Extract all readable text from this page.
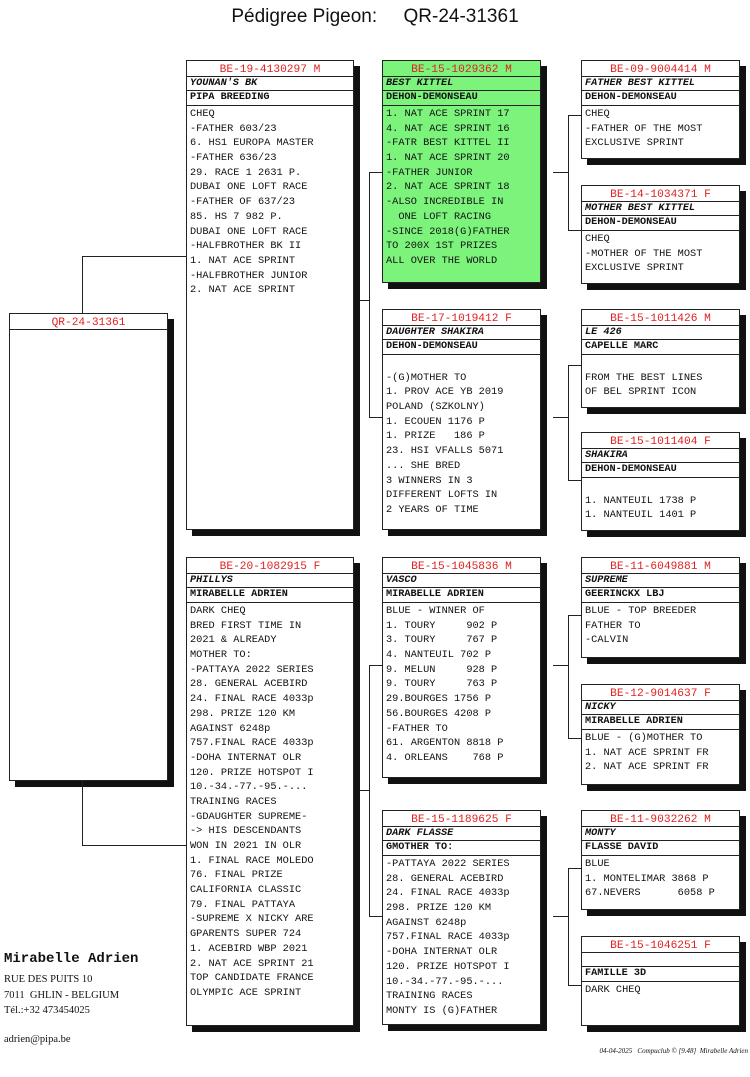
Pédigree Pigeon:     QR-24-31361
QR-24-31361
BE-19-4130297 M
YOUNAN'S BK
PIPA BREEDING
CHEQ
-FATHER 603/23
6. HS1 EUROPA MASTER
-FATHER 636/23
29. RACE 1 2631 P.
DUBAI ONE LOFT RACE
-FATHER OF 637/23
85. HS 7 982 P.
DUBAI ONE LOFT RACE
-HALFBROTHER BK II
1. NAT ACE SPRINT
-HALFBROTHER JUNIOR
2. NAT ACE SPRINT
BE-20-1082915 F
PHILLYS
MIRABELLE ADRIEN
DARK CHEQ
BRED FIRST TIME IN
2021 & ALREADY
MOTHER TO:
-PATTAYA 2022 SERIES
28. GENERAL ACEBIRD
24. FINAL RACE 4033p
298. PRIZE 120 KM
AGAINST 6248p
757.FINAL RACE 4033p
-DOHA INTERNAT OLR
120. PRIZE HOTSPOT I
10.-34.-77.-95.-...
TRAINING RACES
-GDAUGHTER SUPREME-
-> HIS DESCENDANTS
WON IN 2021 IN OLR
1. FINAL RACE MOLEDO
76. FINAL PRIZE
CALIFORNIA CLASSIC
79. FINAL PATTAYA
-SUPREME X NICKY ARE
GPARENTS SUPER 724
1. ACEBIRD WBP 2021
2. NAT ACE SPRINT 21
TOP CANDIDATE FRANCE
OLYMPIC ACE SPRINT
BE-15-1029362 M
BEST KITTEL
DEHON-DEMONSEAU
1. NAT ACE SPRINT 17
4. NAT ACE SPRINT 16
-FATR BEST KITTEL II
1. NAT ACE SPRINT 20
-FATHER JUNIOR
2. NAT ACE SPRINT 18
-ALSO INCREDIBLE IN
ONE LOFT RACING
-SINCE 2018(G)FATHER
TO 200X 1ST PRIZES
ALL OVER THE WORLD
BE-17-1019412 F
DAUGHTER SHAKIRA
DEHON-DEMONSEAU
-(G)MOTHER TO
1. PROV ACE YB 2019
POLAND (SZKOLNY)
1. ECOUEN 1176 P
1. PRIZE   186 P
23. HSI VFALLS 5071
... SHE BRED
3 WINNERS IN 3
DIFFERENT LOFTS IN
2 YEARS OF TIME
BE-15-1045836 M
VASCO
MIRABELLE ADRIEN
BLUE - WINNER OF
1. TOURY     902 P
3. TOURY     767 P
4. NANTEUIL 702 P
9. MELUN     928 P
9. TOURY     763 P
29.BOURGES 1756 P
56.BOURGES 4208 P
-FATHER TO
61. ARGENTON 8818 P
4. ORLEANS    768 P
BE-15-1189625 F
DARK FLASSE
GMOTHER TO:
-PATTAYA 2022 SERIES
28. GENERAL ACEBIRD
24. FINAL RACE 4033p
298. PRIZE 120 KM
AGAINST 6248p
757.FINAL RACE 4033p
-DOHA INTERNAT OLR
120. PRIZE HOTSPOT I
10.-34.-77.-95.-...
TRAINING RACES
MONTY IS (G)FATHER
BE-09-9004414 M
FATHER BEST KITTEL
DEHON-DEMONSEAU
CHEQ
-FATHER OF THE MOST
EXCLUSIVE SPRINT
BE-14-1034371 F
MOTHER BEST KITTEL
DEHON-DEMONSEAU
CHEQ
-MOTHER OF THE MOST
EXCLUSIVE SPRINT
BE-15-1011426 M
LE 426
CAPELLE MARC
FROM THE BEST LINES
OF BEL SPRINT ICON
BE-15-1011404 F
SHAKIRA
DEHON-DEMONSEAU
1. NANTEUIL 1738 P
1. NANTEUIL 1401 P
BE-11-6049881 M
SUPREME
GEERINCKX LBJ
BLUE - TOP BREEDER
FATHER TO
-CALVIN
BE-12-9014637 F
NICKY
MIRABELLE ADRIEN
BLUE - (G)MOTHER TO
1. NAT ACE SPRINT FR
2. NAT ACE SPRINT FR
BE-11-9032262 M
MONTY
FLASSE DAVID
BLUE
1. MONTELIMAR 3868 P
67.NEVERS      6058 P
BE-15-1046251 F
FAMILLE 3D
DARK CHEQ
Mirabelle Adrien
RUE DES PUITS 10
7011  GHLIN - BELGIUM
Tél.:+32 473454025
adrien@pipa.be
04-04-2025   Compuclub © [9.48]  Mirabelle Adrien
